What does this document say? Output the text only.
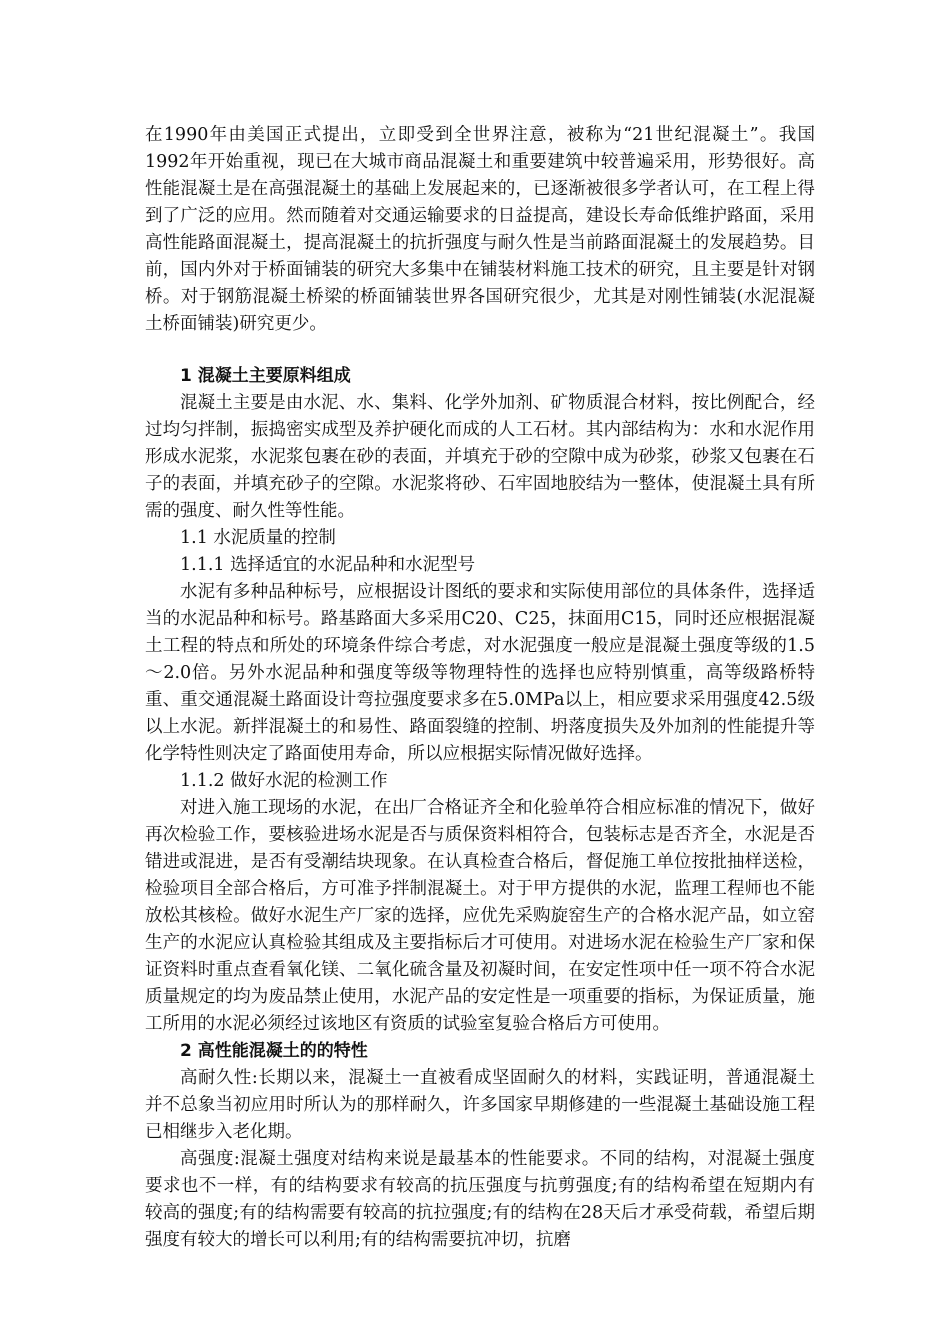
在1990年由美国正式提出，立即受到全世界注意，被称为“21世纪混凝土”。我国1992年开始重视，现已在大城市商品混凝土和重要建筑中较普遍采用，形势很好。高性能混凝土是在高强混凝土的基础上发展起来的，已逐渐被很多学者认可，在工程上得到了广泛的应用。然而随着对交通运输要求的日益提高，建设长寿命低维护路面，采用高性能路面混凝土，提高混凝土的抗折强度与耐久性是当前路面混凝土的发展趋势。目前，国内外对于桥面铺装的研究大多集中在铺装材料施工技术的研究，且主要是针对钢桥。对于钢筋混凝土桥梁的桥面铺装世界各国研究很少，尤其是对刚性铺装(水泥混凝土桥面铺装)研究更少。

1 混凝土主要原料组成

混凝土主要是由水泥、水、集料、化学外加剂、矿物质混合材料，按比例配合，经过均匀拌制，振捣密实成型及养护硬化而成的人工石材。其内部结构为：水和水泥作用形成水泥浆，水泥浆包裹在砂的表面，并填充于砂的空隙中成为砂浆，砂浆又包裹在石子的表面，并填充砂子的空隙。水泥浆将砂、石牢固地胶结为一整体，使混凝土具有所需的强度、耐久性等性能。

1.1 水泥质量的控制

1.1.1 选择适宜的水泥品种和水泥型号

水泥有多种品种标号，应根据设计图纸的要求和实际使用部位的具体条件，选择适当的水泥品种和标号。路基路面大多采用C20、C25，抹面用C15，同时还应根据混凝土工程的特点和所处的环境条件综合考虑，对水泥强度一般应是混凝土强度等级的1.5～2.0倍。另外水泥品种和强度等级等物理特性的选择也应特别慎重，高等级路桥特重、重交通混凝土路面设计弯拉强度要求多在5.0MPa以上，相应要求采用强度42.5级以上水泥。新拌混凝土的和易性、路面裂缝的控制、坍落度损失及外加剂的性能提升等化学特性则决定了路面使用寿命，所以应根据实际情况做好选择。

1.1.2 做好水泥的检测工作

对进入施工现场的水泥，在出厂合格证齐全和化验单符合相应标准的情况下，做好再次检验工作，要核验进场水泥是否与质保资料相符合，包装标志是否齐全，水泥是否错进或混进，是否有受潮结块现象。在认真检查合格后，督促施工单位按批抽样送检，检验项目全部合格后，方可准予拌制混凝土。对于甲方提供的水泥，监理工程师也不能放松其核检。做好水泥生产厂家的选择，应优先采购旋窑生产的合格水泥产品，如立窑生产的水泥应认真检验其组成及主要指标后才可使用。对进场水泥在检验生产厂家和保证资料时重点查看氧化镁、二氧化硫含量及初凝时间，在安定性项中任一项不符合水泥质量规定的均为废品禁止使用，水泥产品的安定性是一项重要的指标，为保证质量，施工所用的水泥必须经过该地区有资质的试验室复验合格后方可使用。

2 高性能混凝土的的特性

高耐久性:长期以来，混凝土一直被看成坚固耐久的材料，实践证明，普通混凝土并不总象当初应用时所认为的那样耐久，许多国家早期修建的一些混凝土基础设施工程已相继步入老化期。

高强度:混凝土强度对结构来说是最基本的性能要求。不同的结构，对混凝土强度要求也不一样，有的结构要求有较高的抗压强度与抗剪强度;有的结构希望在短期内有较高的强度;有的结构需要有较高的抗拉强度;有的结构在28天后才承受荷载，希望后期强度有较大的增长可以利用;有的结构需要抗冲切，抗磨
